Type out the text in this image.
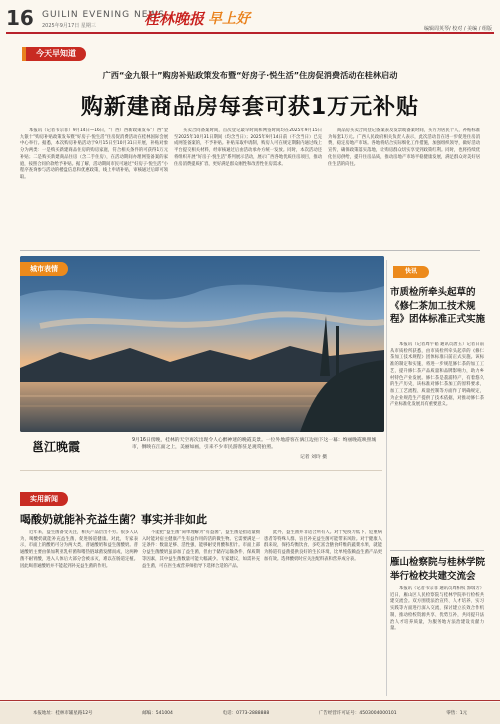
16 GUILIN EVENING NEWS
2025年9月17日 星期三	桂林晚报 早上好
编辑周英琴/ 校对 / 美编 / 组版
今天早知道
广西“金九银十”购房补贴政策发布暨“好房子·悦生活”住房促消费活动在桂林启动
购新建商品房每套可获1万元补贴

本报讯（记者韦宗菲）9月14日—16日，“广西广西新政策发布”广西“金九银十”购房补贴政策发布暨“好房子·悦生活”住房促消费活动在桂林国际会展中心举行。据悉，本次购房补贴活动于9月15日至10月31日开展，补贴对象分为两类：一是购买新建商品住房的购房家庭，符合相关条件的可获得1万元补贴；二是购买新建商品住房（含二手住房），在活动期间办理网签备案的家庭，按照合同价款给予补贴。据了解，活动期间市民可通过“好房子·悦生活”小程序查询参与活动的楼盘信息和优惠政策，线上申请补贴，审核通过后即可领取。

买卖合同备案时间，首次登记最早时间和网签时间均在2025年9月15日至2025年10月31日期间（均含当日）；2025年9月14日前（不含当日）已完成网签备案的，不予补贴。补贴采取申请制，购房人可在规定期限内通过线上平台提交相关材料，经审核通过后由活动承办方统一发放。同时，本次活动还将组织开展“好房子·悦生活”系列展示活动，展示广西各地优质住房项目，推动住房消费提质扩容，更好满足群众刚性和改善性住房需求。

商品房买卖合同登记备案表及发票或备案时间，买方为居民个人，补贴标准为每套1万元。广西人民政府相关负责人表示，此次活动旨在进一步促进住房消费，稳定房地产市场。各地将结合实际细化工作措施，加强组织领导，做好活动宣传，确保政策落实落地，让购房群众切实享受到政策红利。同时，也将持续优化住房供给，提升住房品质，推动房地产市场平稳健康发展，满足群众对美好居住生活的向往。

城市表情
邕江晚霞	9月16日傍晚，桂林的天空再次出现令人心醉神迷的晚霞美景。一位外地游客在漓江边拍下这一幕：绚丽晚霞映照城市，倒映在江面之上，美丽如画，引来不少市民游客驻足观赏拍照。
记者 刘玲 摄
快讯
市质检所牵头起草的《修仁茶加工技术规程》团体标准正式实施

本报讯（记者周宇韬 通讯员唐玉）记者日前从市质检所获悉，由市质检所牵头起草的《修仁茶加工技术规程》团体标准日前正式实施。该标准的制定和实施，将进一步规范修仁茶的加工工艺，提升修仁茶产品质量和品牌影响力，助力乡村特色产业发展。修仁茶是荔浦特产，有着悠久的生产历史，该标准对修仁茶加工的原料要求、加工工艺流程、质量控制等方面作了明确规定，为企业规范生产提供了技术依据，对推动修仁茶产业标准化发展具有重要意义。

雁山检察院与桂林学院举行检校共建交流会

本报讯（记者韦宗菲 通讯员周柏权 郭瑞芳）近日，雁山区人民检察院与桂林学院举行检校共建交流会。双方围绕法治宣传、人才培养、实习实践等方面进行深入交流，探讨建立长效合作机制，推动检校资源共享、优势互补，共同提升法治人才培养质量，为服务地方法治建设贡献力量。

实用新闻
喝酸奶就能补充益生菌？事实并非如此

近年来，益生菌备受关注，相关产品层出不穷。很多人认为，喝酸奶就能补充益生菌，促进肠道健康。对此，专家表示，市面上的酸奶可分为两大类，普通酸奶和益生菌酸奶。普通酸奶主要由保加利亚乳杆菌和嗜热链球菌发酵而成，这两种菌不耐胃酸，进入人体后大部分会被杀灭，难以在肠道定植。因此喝普通酸奶并不能起到补充益生菌的作用。

不能把“益生菌”简单理解为“有益菌”，益生菌是指适量摄入时能对宿主健康产生有益作用的活的微生物。它需要满足一定条件：数量足够、活性强、能够耐受胃酸和胆汁。市面上部分益生菌酸奶虽添加了益生菌，但由于储存运输条件、保质期等因素，其中益生菌数量可能大幅减少。专家建议，如需补充益生菌，可在医生或营养师指导下选择合适的产品。

此外，益生菌并非适合所有人。对于免疫力低下、危重病患者等特殊人群，盲目补充益生菌可能带来风险。对于健康人群来说，保持均衡饮食、多吃富含膳食纤维的蔬菜水果，就能为肠道有益菌提供良好的生长环境，比单纯依赖益生菌产品更加有效。选择酸奶时应关注配料表和营养成分表。

本报地址：桂林市辅星路12号	邮编：541004	电话：0773-2888888	广告经营许可证号：4503004000101	零售：1元
